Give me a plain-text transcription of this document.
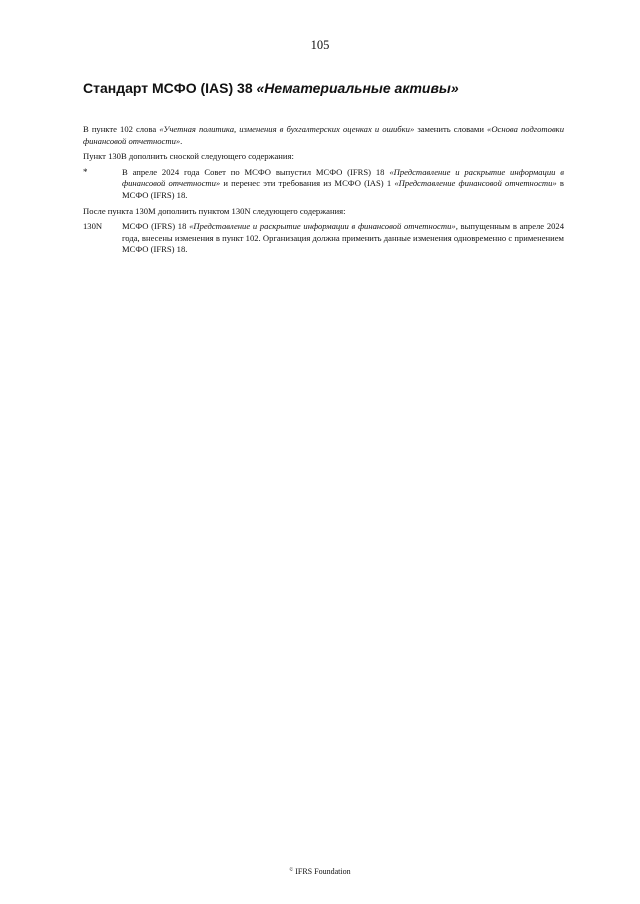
105
Стандарт МСФО (IAS) 38 «Нематериальные активы»

В пункте 102 слова «Учетная политика, изменения в бухгалтерских оценках и ошибки» заменить словами «Основа подготовки финансовой отчетности».

Пункт 130В дополнить сноской следующего содержания:

*	В апреле 2024 года Совет по МСФО выпустил МСФО (IFRS) 18 «Представление и раскрытие информации в финансовой отчетности» и перенес эти требования из МСФО (IAS) 1 «Представление финансовой отчетности» в МСФО (IFRS) 18.

После пункта 130М дополнить пунктом 130N следующего содержания:

130N	МСФО (IFRS) 18 «Представление и раскрытие информации в финансовой отчетности», выпущенным в апреле 2024 года, внесены изменения в пункт 102. Организация должна применить данные изменения одновременно с применением МСФО (IFRS) 18.
© IFRS Foundation
